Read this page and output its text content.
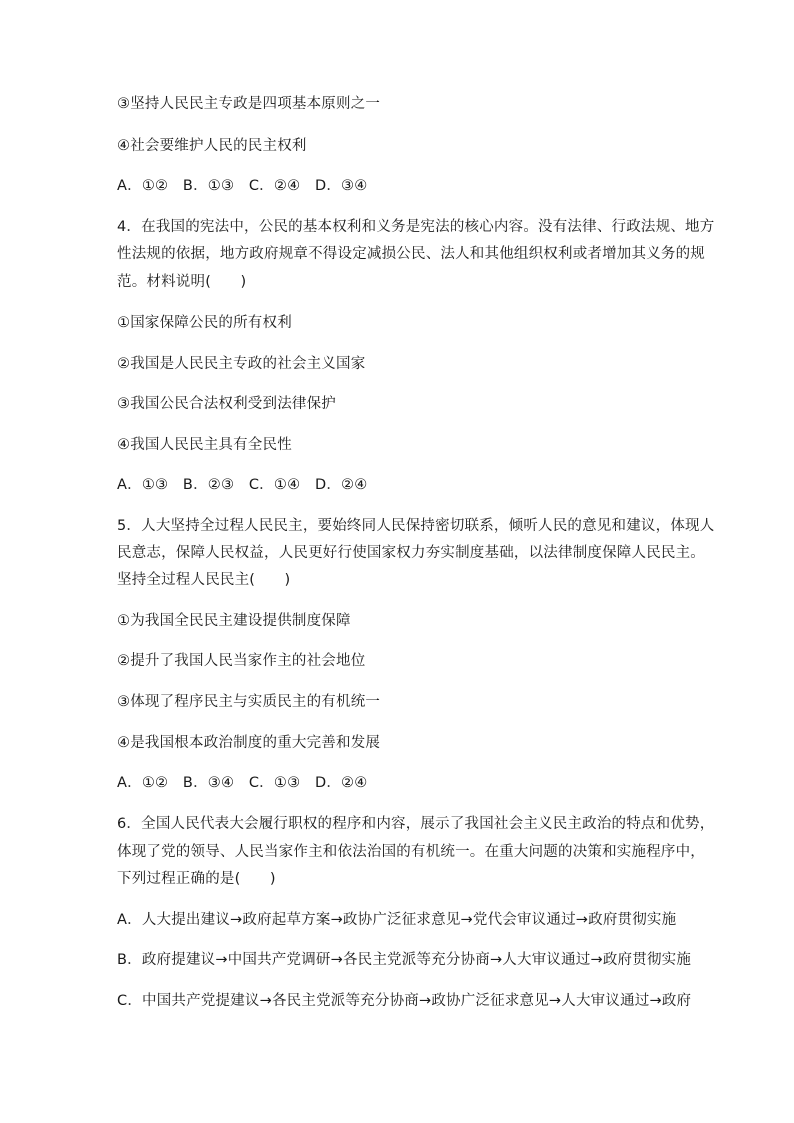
③坚持人民民主专政是四项基本原则之一
④社会要维护人民的民主权利
A．①②　B．①③　C．②④　D．③④
4．在我国的宪法中，公民的基本权利和义务是宪法的核心内容。没有法律、行政法规、地方
性法规的依据，地方政府规章不得设定减损公民、法人和其他组织权利或者增加其义务的规
范。材料说明(　　)
①国家保障公民的所有权利
②我国是人民民主专政的社会主义国家
③我国公民合法权利受到法律保护
④我国人民民主具有全民性
A．①③　B．②③　C．①④　D．②④
5．人大坚持全过程人民民主，要始终同人民保持密切联系，倾听人民的意见和建议，体现人
民意志，保障人民权益，人民更好行使国家权力夯实制度基础，以法律制度保障人民民主。
坚持全过程人民民主(　　)
①为我国全民民主建设提供制度保障
②提升了我国人民当家作主的社会地位
③体现了程序民主与实质民主的有机统一
④是我国根本政治制度的重大完善和发展
A．①②　B．③④　C．①③　D．②④
6．全国人民代表大会履行职权的程序和内容，展示了我国社会主义民主政治的特点和优势，
体现了党的领导、人民当家作主和依法治国的有机统一。在重大问题的决策和实施程序中，
下列过程正确的是(　　)
A．人大提出建议→政府起草方案→政协广泛征求意见→党代会审议通过→政府贯彻实施
B．政府提建议→中国共产党调研→各民主党派等充分协商→人大审议通过→政府贯彻实施
C．中国共产党提建议→各民主党派等充分协商→政协广泛征求意见→人大审议通过→政府
